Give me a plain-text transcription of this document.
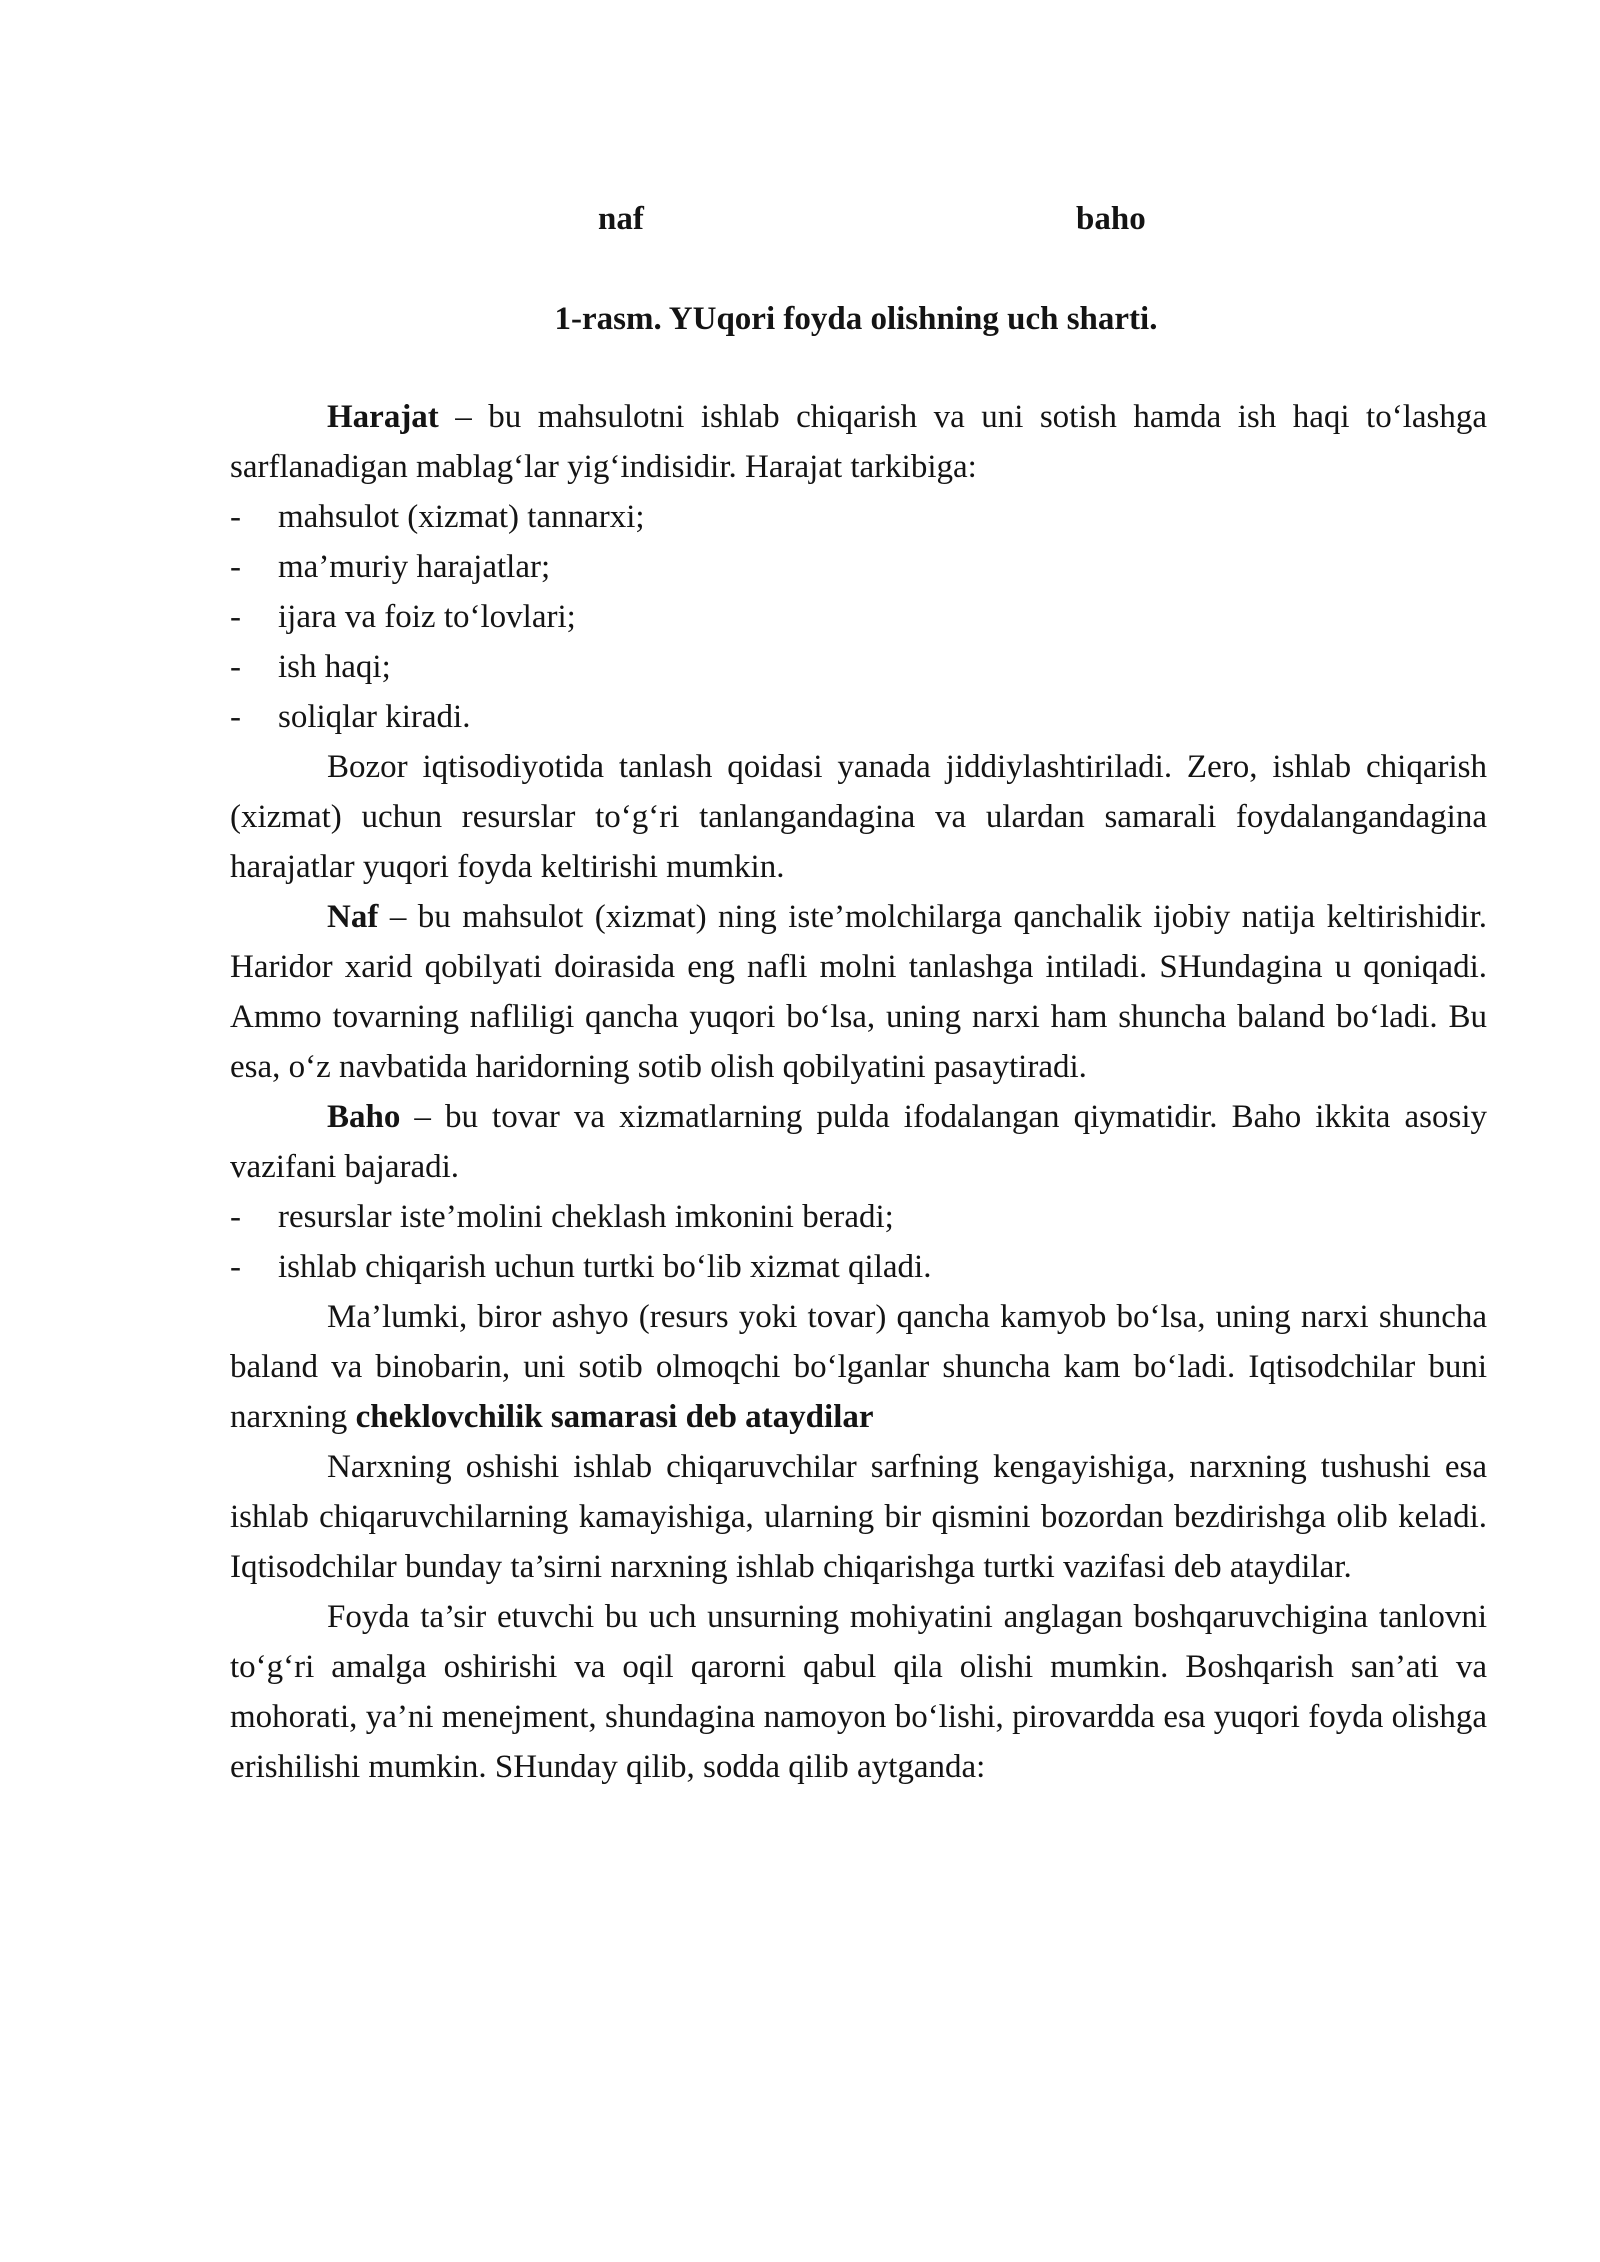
naf	baho
1-rasm. YUqori foyda olishning uch sharti.

Harajat – bu mahsulotni ishlab chiqarish va uni sotish hamda ish haqi to‘lashga sarflanadigan mablag‘lar yig‘indisidir. Harajat tarkibiga:

-	mahsulot (xizmat) tannarxi;
-	ma’muriy harajatlar;
-	ijara va foiz to‘lovlari;
-	ish haqi;
-	soliqlar kiradi.

Bozor iqtisodiyotida tanlash qoidasi yanada jiddiylashtiriladi. Zero, ishlab chiqarish (xizmat) uchun resurslar to‘g‘ri tanlangandagina va ulardan samarali foydalangandagina harajatlar yuqori foyda keltirishi mumkin.

Naf – bu mahsulot (xizmat) ning iste’molchilarga qanchalik ijobiy natija keltirishidir. Haridor xarid qobilyati doirasida eng nafli molni tanlashga intiladi. SHundagina u qoniqadi. Ammo tovarning nafliligi qancha yuqori bo‘lsa, uning narxi ham shuncha baland bo‘ladi. Bu esa, o‘z navbatida haridorning sotib olish qobilyatini pasaytiradi.

Baho – bu tovar va xizmatlarning pulda ifodalangan qiymatidir. Baho ikkita asosiy vazifani bajaradi.

-	resurslar iste’molini cheklash imkonini beradi;
-	ishlab chiqarish uchun turtki bo‘lib xizmat qiladi.

Ma’lumki, biror ashyo (resurs yoki tovar) qancha kamyob bo‘lsa, uning narxi shuncha baland va binobarin, uni sotib olmoqchi bo‘lganlar shuncha kam bo‘ladi. Iqtisodchilar buni narxning cheklovchilik samarasi deb ataydilar

Narxning oshishi ishlab chiqaruvchilar sarfning kengayishiga, narxning tushushi esa ishlab chiqaruvchilarning kamayishiga, ularning bir qismini bozordan bezdirishga olib keladi. Iqtisodchilar bunday ta’sirni narxning ishlab chiqarishga turtki vazifasi deb ataydilar.

Foyda ta’sir etuvchi bu uch unsurning mohiyatini anglagan boshqaruvchigina tanlovni to‘g‘ri amalga oshirishi va oqil qarorni qabul qila olishi mumkin. Boshqarish san’ati va mohorati, ya’ni menejment, shundagina namoyon bo‘lishi, pirovardda esa yuqori foyda olishga erishilishi mumkin. SHunday qilib, sodda qilib aytganda:
